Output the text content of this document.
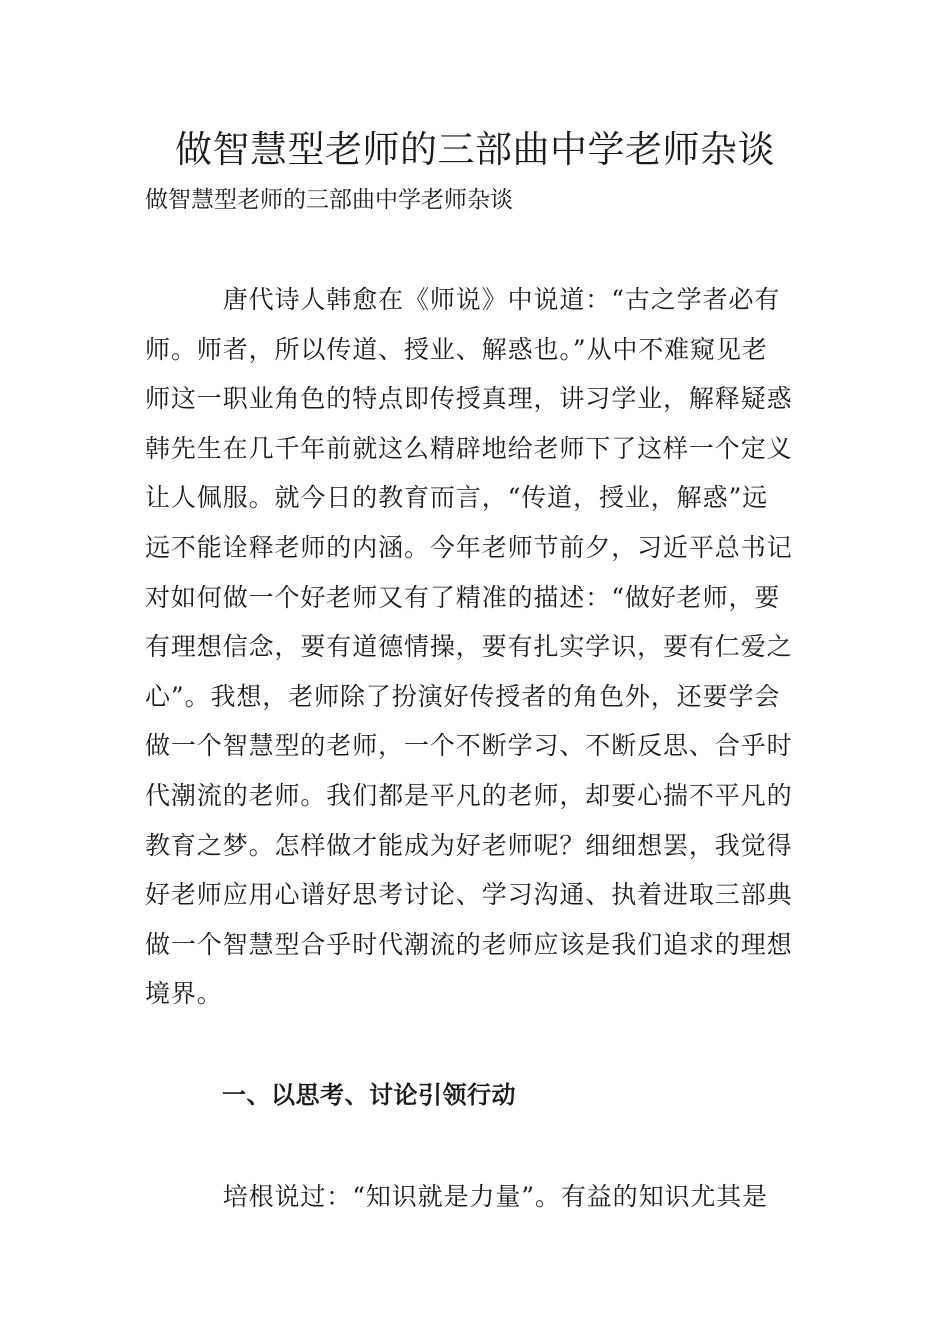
做智慧型老师的三部曲中学老师杂谈

做智慧型老师的三部曲中学老师杂谈

　　　唐代诗人韩愈在《师说》中说道：“古之学者必有
师。师者，所以传道、授业、解惑也。”从中不难窥见老
师这一职业角色的特点即传授真理，讲习学业，解释疑惑
韩先生在几千年前就这么精辟地给老师下了这样一个定义
让人佩服。就今日的教育而言，“传道，授业，解惑”远
远不能诠释老师的内涵。今年老师节前夕，习近平总书记
对如何做一个好老师又有了精准的描述：“做好老师，要
有理想信念，要有道德情操，要有扎实学识，要有仁爱之
心”。我想，老师除了扮演好传授者的角色外，还要学会
做一个智慧型的老师，一个不断学习、不断反思、合乎时
代潮流的老师。我们都是平凡的老师，却要心揣不平凡的
教育之梦。怎样做才能成为好老师呢？细细想罢，我觉得
好老师应用心谱好思考讨论、学习沟通、执着进取三部典
做一个智慧型合乎时代潮流的老师应该是我们追求的理想
境界。

一、以思考、讨论引领行动

　　　培根说过：“知识就是力量”。有益的知识尤其是
